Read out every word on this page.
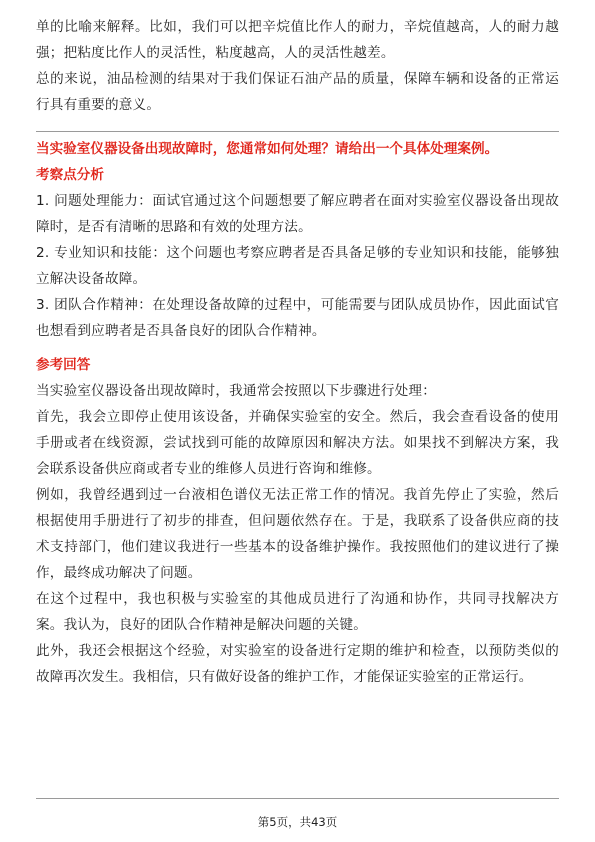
单的比喻来解释。比如，我们可以把辛烷值比作人的耐力，辛烷值越高，人的耐力越强；把粘度比作人的灵活性，粘度越高，人的灵活性越差。

总的来说，油品检测的结果对于我们保证石油产品的质量，保障车辆和设备的正常运行具有重要的意义。

当实验室仪器设备出现故障时，您通常如何处理？请给出一个具体处理案例。

考察点分析

1. 问题处理能力：面试官通过这个问题想要了解应聘者在面对实验室仪器设备出现故障时，是否有清晰的思路和有效的处理方法。

2. 专业知识和技能：这个问题也考察应聘者是否具备足够的专业知识和技能，能够独立解决设备故障。

3. 团队合作精神：在处理设备故障的过程中，可能需要与团队成员协作，因此面试官也想看到应聘者是否具备良好的团队合作精神。

参考回答

当实验室仪器设备出现故障时，我通常会按照以下步骤进行处理：

首先，我会立即停止使用该设备，并确保实验室的安全。然后，我会查看设备的使用手册或者在线资源，尝试找到可能的故障原因和解决方法。如果找不到解决方案，我会联系设备供应商或者专业的维修人员进行咨询和维修。

例如，我曾经遇到过一台液相色谱仪无法正常工作的情况。我首先停止了实验，然后根据使用手册进行了初步的排查，但问题依然存在。于是，我联系了设备供应商的技术支持部门，他们建议我进行一些基本的设备维护操作。我按照他们的建议进行了操作，最终成功解决了问题。

在这个过程中，我也积极与实验室的其他成员进行了沟通和协作，共同寻找解决方案。我认为，良好的团队合作精神是解决问题的关键。

此外，我还会根据这个经验，对实验室的设备进行定期的维护和检查，以预防类似的故障再次发生。我相信，只有做好设备的维护工作，才能保证实验室的正常运行。

第5页，共43页
